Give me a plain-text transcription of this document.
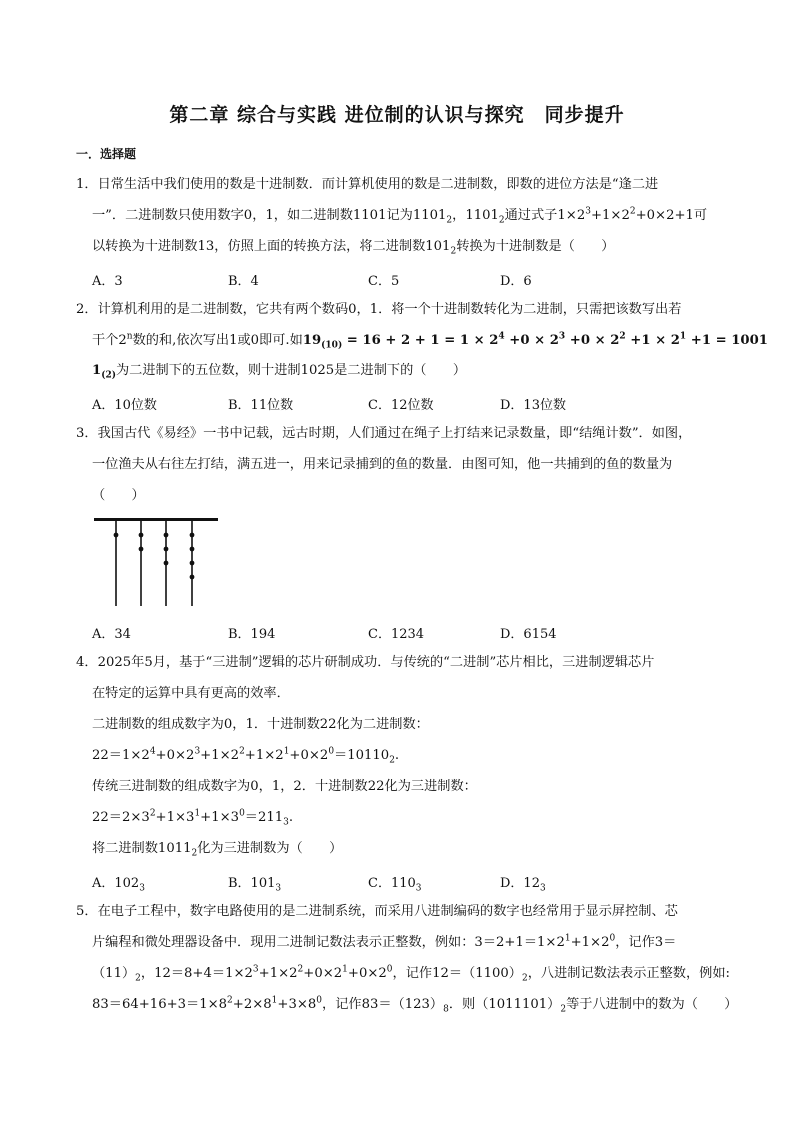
第二章 综合与实践 进位制的认识与探究　同步提升
一．选择题
1．日常生活中我们使用的数是十进制数．而计算机使用的数是二进制数，即数的进位方法是“逢二进
一”．二进制数只使用数字0，1，如二进制数1101记为$1101_2$，$1101_2$通过式子$1\times 2^3+1\times 2^2+0\times 2+1$可
以转换为十进制数13，仿照上面的转换方法，将二进制数$101_2$转换为十进制数是（　　）
A．3	B．4	C．5	D．6
2．计算机利用的是二进制数，它共有两个数码0，1．将一个十进制数转化为二进制，只需把该数写出若
干个2$^n$数的和,依次写出1或0即可.如$19_{(10)} = 16 + 2 + 1 = 1 \times 2^4 +0 \times 2^3 +0 \times 2^2 +1 \times 2^1 +1 = 1001$
$1_{(2)}$为二进制下的五位数，则十进制1025是二进制下的（　　）
A．10位数	B．11位数	C．12位数	D．13位数
3．我国古代《易经》一书中记载，远古时期，人们通过在绳子上打结来记录数量，即“结绳计数”．如图，
一位渔夫从右往左打结，满五进一，用来记录捕到的鱼的数量．由图可知，他一共捕到的鱼的数量为
（　　）
A．34	B．194	C．1234	D．6154
4．2025年5月，基于“三进制”逻辑的芯片研制成功．与传统的“二进制”芯片相比，三进制逻辑芯片
在特定的运算中具有更高的效率．
二进制数的组成数字为0，1．十进制数22化为二进制数：
$22=1\times 2^4+0\times 2^3+1\times 2^2+1\times 2^1+0\times 2^0=10110_2$.
传统三进制数的组成数字为0，1，2．十进制数22化为三进制数：
$22=2\times 3^2+1\times 3^1+1\times 3^0=211_3$.
将二进制数$1011_2$化为三进制数为（　　）
A．$102_3$	B．$101_3$	C．$110_3$	D．$12_3$
5．在电子工程中，数字电路使用的是二进制系统，而采用八进制编码的数字也经常用于显示屏控制、芯
片编程和微处理器设备中．现用二进制记数法表示正整数，例如：$3=2+1=1\times 2^1+1\times 2^0$，记作3＝
$(11)_2$，$12=8+4=1\times 2^3+1\times 2^2+0\times 2^1+0\times 2^0$，记作$12=(1100)_2$，八进制记数法表示正整数，例如:
$83=64+16+3=1\times 8^2+2\times 8^1+3\times 8^0$，记作$83=(123)_8$．则$(1011101)_2$等于八进制中的数为（　　）
